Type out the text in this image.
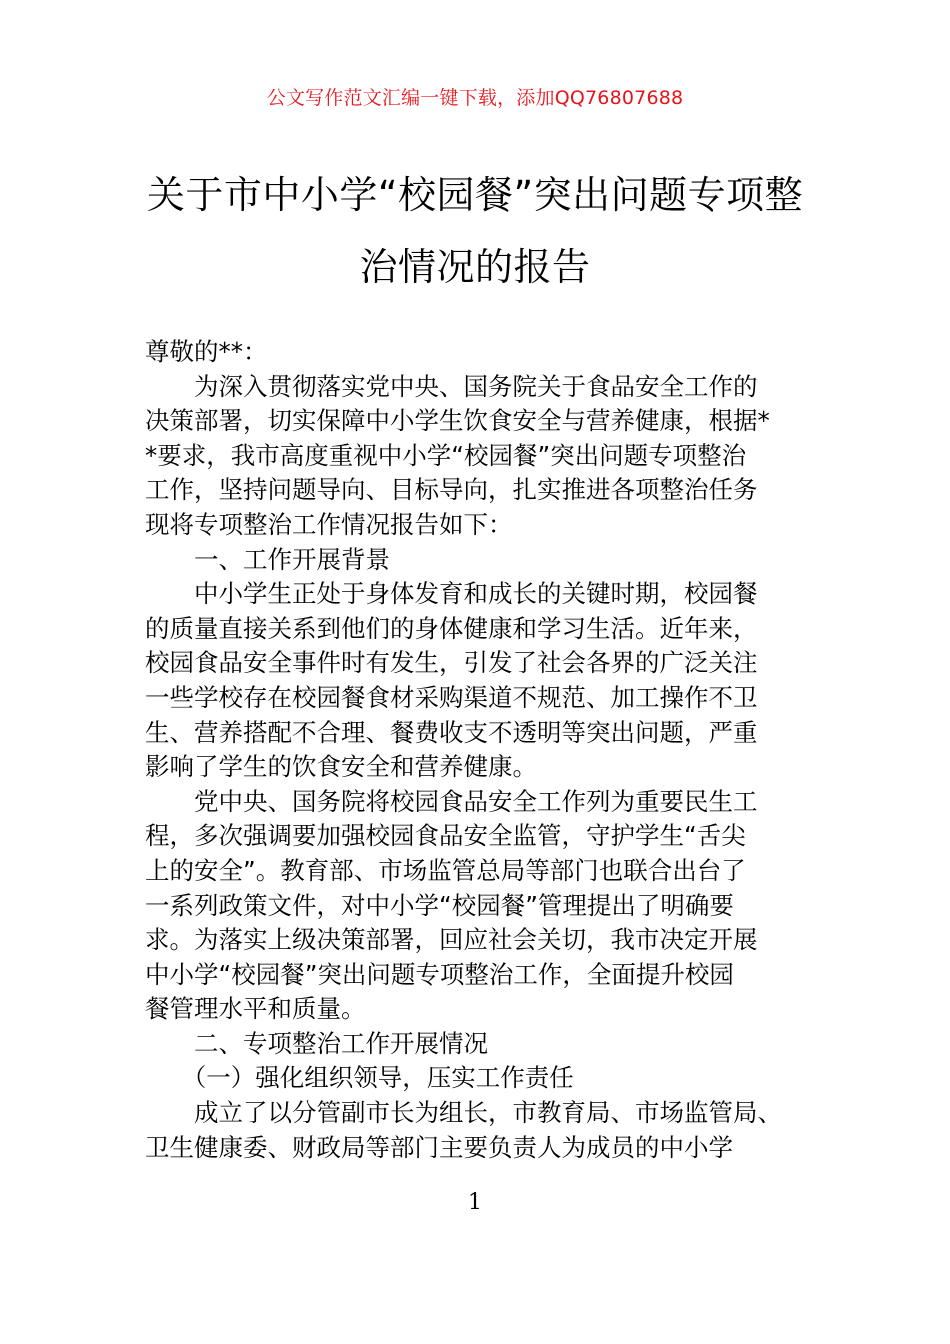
公文写作范文汇编一键下载，添加QQ76807688
关于市中小学“校园餐”突出问题专项整
治情况的报告
尊敬的**：
　　为深入贯彻落实党中央、国务院关于食品安全工作的
决策部署，切实保障中小学生饮食安全与营养健康，根据*
*要求，我市高度重视中小学“校园餐”突出问题专项整治
工作，坚持问题导向、目标导向，扎实推进各项整治任务
现将专项整治工作情况报告如下：
　　一、工作开展背景
　　中小学生正处于身体发育和成长的关键时期，校园餐
的质量直接关系到他们的身体健康和学习生活。近年来，
校园食品安全事件时有发生，引发了社会各界的广泛关注
一些学校存在校园餐食材采购渠道不规范、加工操作不卫
生、营养搭配不合理、餐费收支不透明等突出问题，严重
影响了学生的饮食安全和营养健康。
　　党中央、国务院将校园食品安全工作列为重要民生工
程，多次强调要加强校园食品安全监管，守护学生“舌尖
上的安全”。教育部、市场监管总局等部门也联合出台了
一系列政策文件，对中小学“校园餐”管理提出了明确要
求。为落实上级决策部署，回应社会关切，我市决定开展
中小学“校园餐”突出问题专项整治工作，全面提升校园
餐管理水平和质量。
　　二、专项整治工作开展情况
　　（一）强化组织领导，压实工作责任
　　成立了以分管副市长为组长，市教育局、市场监管局、
卫生健康委、财政局等部门主要负责人为成员的中小学
1
